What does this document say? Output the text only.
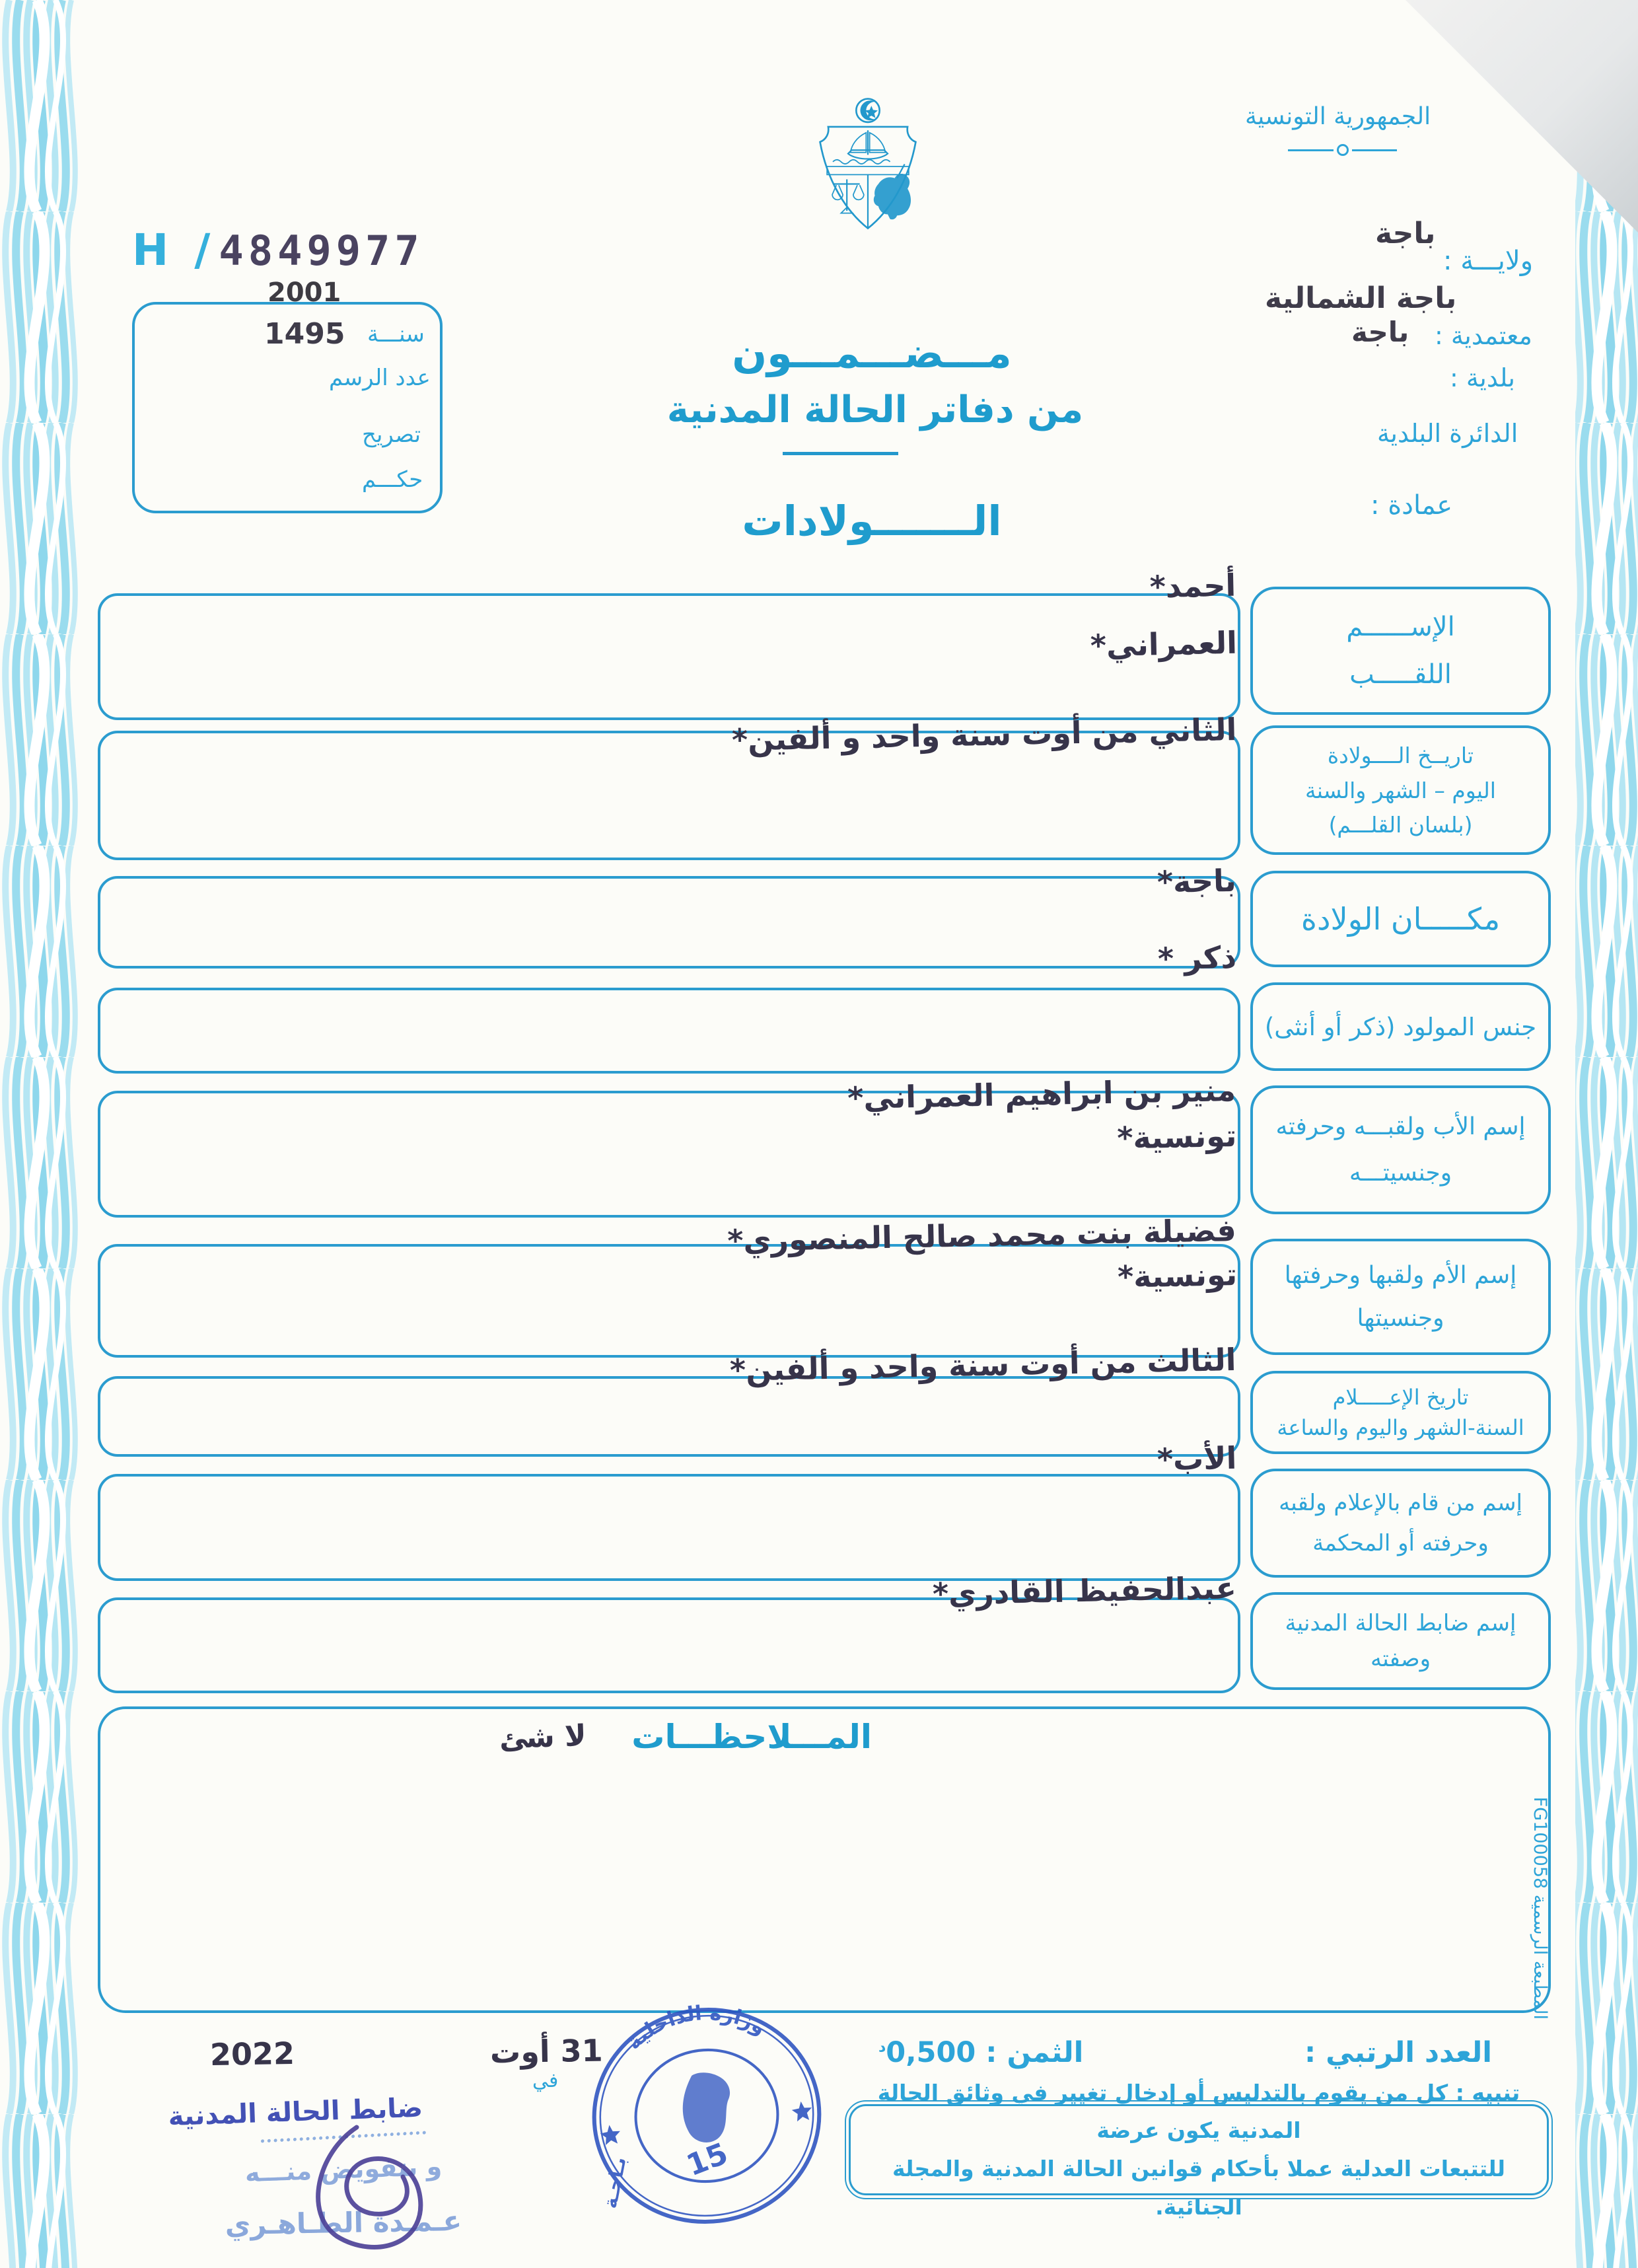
H / 4849977
2001
سنـــة
1495
عدد الرسم
تصريح
حكـــم
مـــضـــمـــون
من دفاتر الحالة المدنية
الـــــــولادات
الجمهورية التونسية
باجة
ولايـــة :
باجة الشمالية
باجة معتمدية :
بلدية :
الدائرة البلدية
عمادة :
الإســــــم
اللقـــــب
أحمد*
العمراني*
تاريــخ الــــولادة
اليوم – الشهر والسنة
(بلسان القلـــم)
الثاني من أوت سنة واحد و ألفين*
مكـــــان الولادة
باجة*
جنس المولود (ذكر أو أنثى)
ذكر *
إسم الأب ولقبـــه وحرفته
وجنسيتـــه
منير بن ابراهيم العمراني*
تونسية*
إسم الأم ولقبها وحرفتها
وجنسيتها
فضيلة بنت محمد صالح المنصوري*
تونسية*
تاريخ الإعـــــلام
السنة-الشهر واليوم والساعة
الثالث من أوت سنة واحد و ألفين*
إسم من قام بالإعلام ولقبه
وحرفته أو المحكمة
الأب*
إسم ضابط الحالة المدنية
وصفته
عبدالحفيظ القادري*
المـــلاحظـــات
لا شئ
العدد الرتبي :
الثمن : $0,500^د$
31 أوت
في
2022
تنبيه : كل من يقوم بالتدليس أو إدخال تغيير في وثائق الحالة المدنية يكون عرضة
للتتبعات العدلية عملا بأحكام قوانين الحالة المدنية والمجلة الجنائية.
المطبعة الرسمية FG100058
وزارة الداخلية
بـاجـة 15
ضابط الحالة المدنية
و بتفويض منـــه
عـمـدة الطـاهـري
